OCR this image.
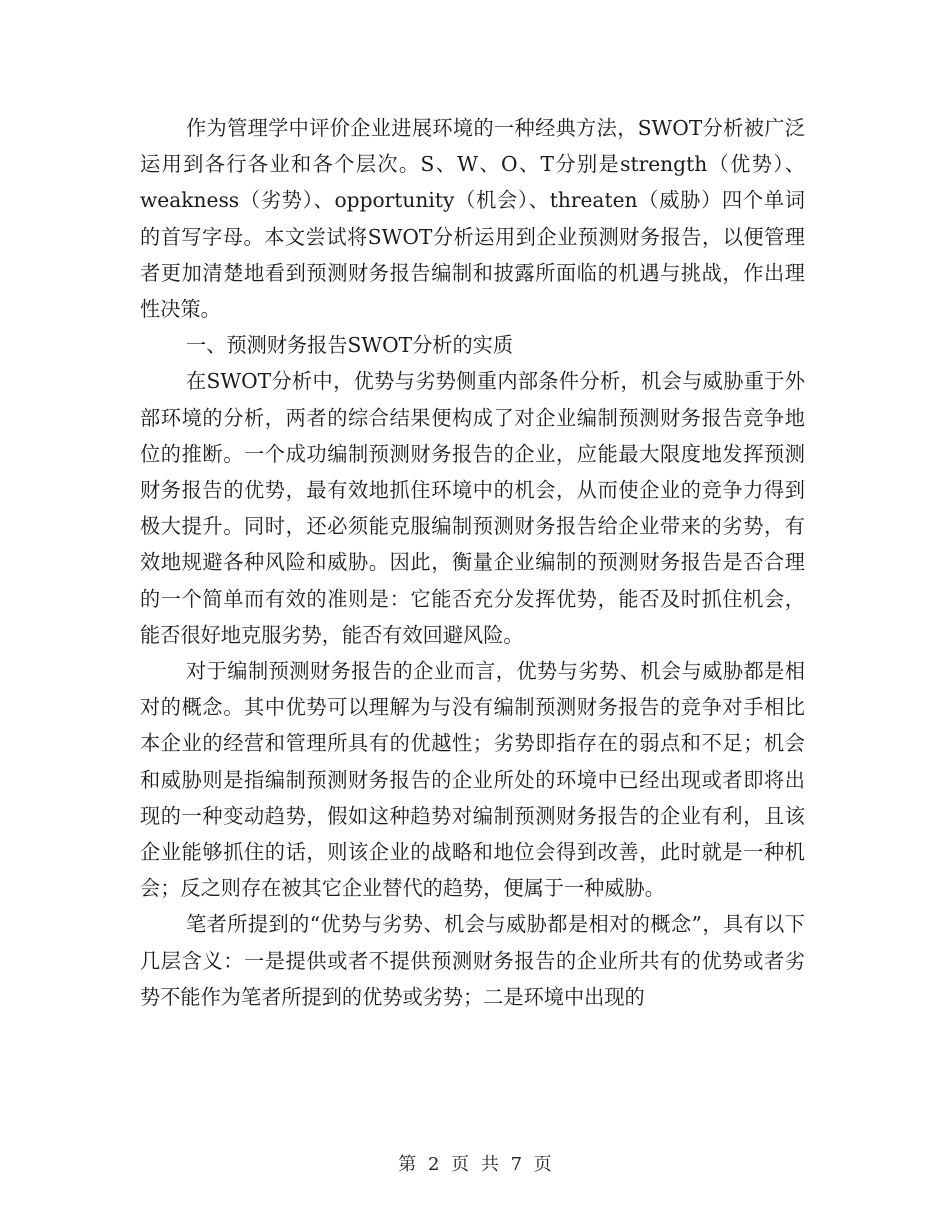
作为管理学中评价企业进展环境的一种经典方法，SWOT分析被广泛运用到各行各业和各个层次。S、W、O、T分别是strength（优势）、weakness（劣势）、opportunity（机会）、threaten（威胁）四个单词的首写字母。本文尝试将SWOT分析运用到企业预测财务报告，以便管理者更加清楚地看到预测财务报告编制和披露所面临的机遇与挑战，作出理性决策。

一、预测财务报告SWOT分析的实质

在SWOT分析中，优势与劣势侧重内部条件分析，机会与威胁重于外部环境的分析，两者的综合结果便构成了对企业编制预测财务报告竞争地位的推断。一个成功编制预测财务报告的企业，应能最大限度地发挥预测财务报告的优势，最有效地抓住环境中的机会，从而使企业的竞争力得到极大提升。同时，还必须能克服编制预测财务报告给企业带来的劣势，有效地规避各种风险和威胁。因此，衡量企业编制的预测财务报告是否合理的一个简单而有效的准则是：它能否充分发挥优势，能否及时抓住机会，能否很好地克服劣势，能否有效回避风险。

对于编制预测财务报告的企业而言，优势与劣势、机会与威胁都是相对的概念。其中优势可以理解为与没有编制预测财务报告的竞争对手相比本企业的经营和管理所具有的优越性；劣势即指存在的弱点和不足；机会和威胁则是指编制预测财务报告的企业所处的环境中已经出现或者即将出现的一种变动趋势，假如这种趋势对编制预测财务报告的企业有利，且该企业能够抓住的话，则该企业的战略和地位会得到改善，此时就是一种机会；反之则存在被其它企业替代的趋势，便属于一种威胁。

笔者所提到的“优势与劣势、机会与威胁都是相对的概念”，具有以下几层含义：一是提供或者不提供预测财务报告的企业所共有的优势或者劣势不能作为笔者所提到的优势或劣势；二是环境中出现的

第 2 页 共 7 页
